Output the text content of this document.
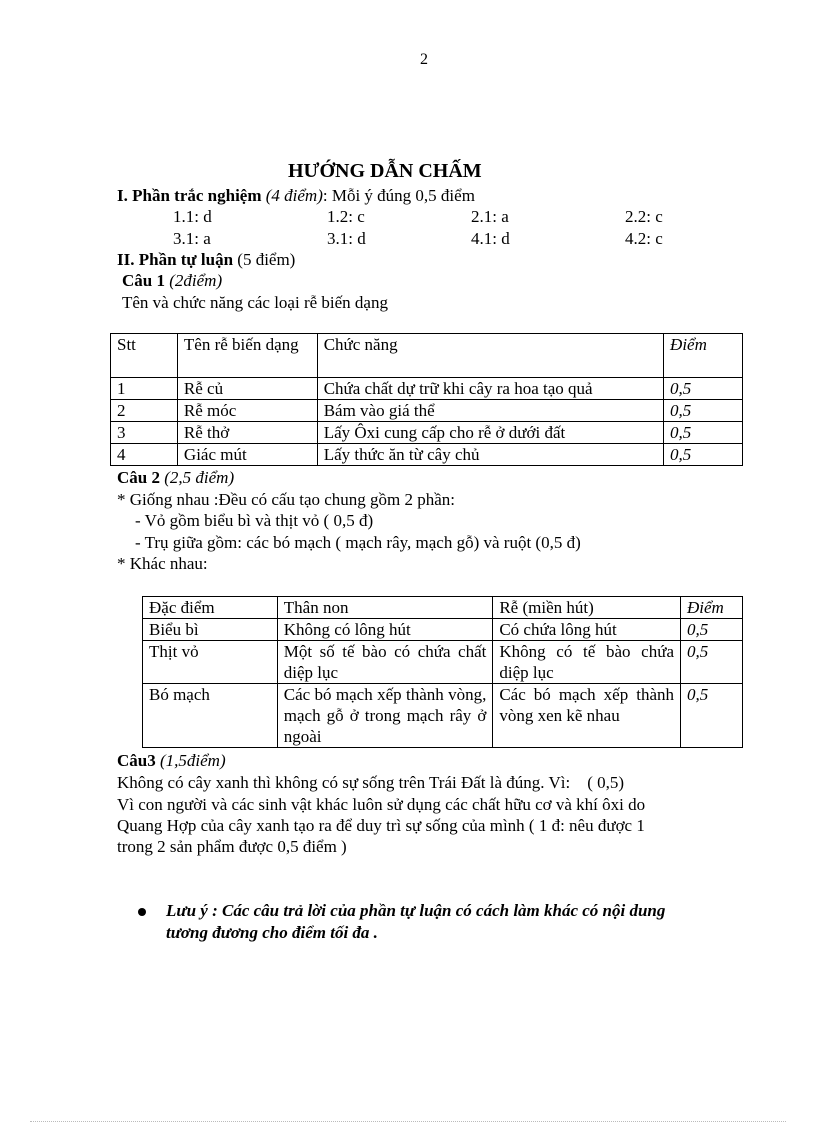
2
HƯỚNG DẪN CHẤM
I. Phần trắc nghiệm (4 điểm): Mỗi ý đúng 0,5 điểm
1.1: d	1.2: c	2.1: a	2.2: c
3.1: a	3.1: d	4.1: d	4.2: c
II. Phần tự luận (5 điểm)
Câu 1 (2điểm)
Tên và chức năng các loại rễ biến dạng
Stt	Tên rễ biến dạng	Chức năng	Điểm
1	Rễ củ	Chứa chất dự trữ khi cây ra hoa tạo quả	0,5
2	Rễ móc	Bám vào giá thể	0,5
3	Rễ thở	Lấy Ôxi cung cấp cho rễ ở dưới đất	0,5
4	Giác mút	Lấy thức ăn từ cây chủ	0,5
Câu 2 (2,5 điểm)
* Giống nhau :Đều có cấu tạo chung gồm 2 phần:
- Vỏ gồm biểu bì và thịt vỏ ( 0,5 đ)
- Trụ giữa gồm: các bó mạch ( mạch rây, mạch gỗ) và ruột (0,5 đ)
* Khác nhau:
Đặc điểm	Thân non	Rễ (miền hút)	Điểm
Biểu bì	Không có lông hút	Có chứa lông hút	0,5
Thịt vỏ	Một số tế bào có chứa chất diệp lục	Không có tế bào chứa diệp lục	0,5
Bó mạch	Các bó mạch xếp thành vòng, mạch gỗ ở trong mạch rây ở ngoài	Các bó mạch xếp thành vòng xen kẽ nhau	0,5
Câu3 (1,5điểm)
Không có cây xanh thì không có sự sống trên Trái Đất là đúng. Vì:    ( 0,5)
Vì con người và các sinh vật khác luôn sử dụng các chất hữu cơ và khí ôxi do
Quang Hợp của cây xanh tạo ra để duy trì sự sống của mình ( 1 đ: nêu được 1
trong 2 sản phẩm được 0,5 điểm )
Lưu ý : Các câu trả lời của phần tự luận có cách làm khác có nội dung
tương đương cho điểm tối đa .
